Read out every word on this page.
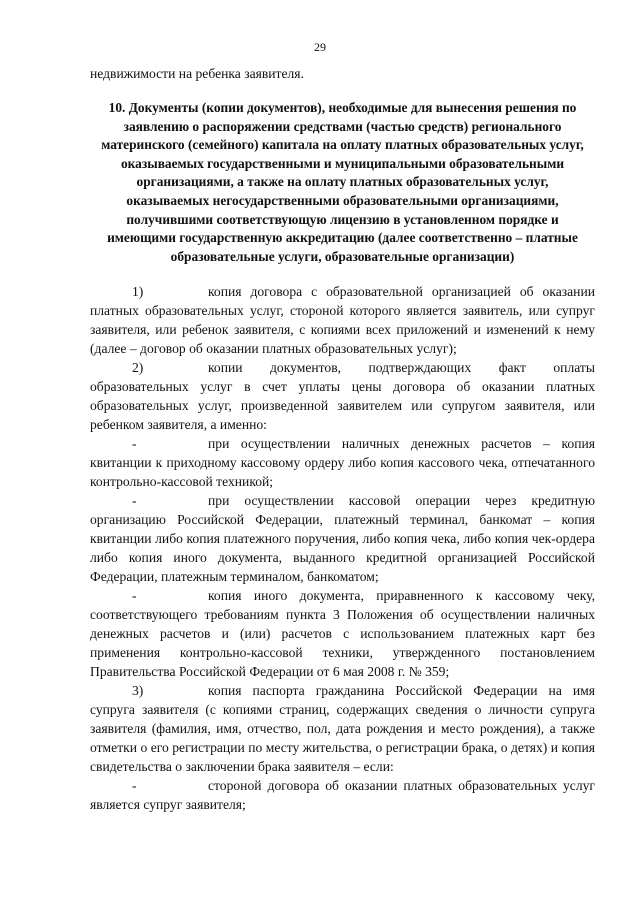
29
недвижимости на ребенка заявителя.
10. Документы (копии документов), необходимые для вынесения решения по заявлению о распоряжении средствами (частью средств) регионального материнского (семейного) капитала на оплату платных образовательных услуг, оказываемых государственными и муниципальными образовательными организациями, а также на оплату платных образовательных услуг, оказываемых негосударственными образовательными организациями, получившими соответствующую лицензию в установленном порядке и имеющими государственную аккредитацию (далее соответственно – платные образовательные услуги, образовательные организации)

1)	копия договора с образовательной организацией об оказании платных образовательных услуг, стороной которого является заявитель, или супруг заявителя, или ребенок заявителя, с копиями всех приложений и изменений к нему (далее – договор об оказании платных образовательных услуг);

2)	копии документов, подтверждающих факт оплаты образовательных услуг в счет уплаты цены договора об оказании платных образовательных услуг, произведенной заявителем или супругом заявителя, или ребенком заявителя, а именно:

-	при осуществлении наличных денежных расчетов – копия квитанции к приходному кассовому ордеру либо копия кассового чека, отпечатанного контрольно-кассовой техникой;

-	при осуществлении кассовой операции через кредитную организацию Российской Федерации, платежный терминал, банкомат – копия квитанции либо копия платежного поручения, либо копия чека, либо копия чек-ордера либо копия иного документа, выданного кредитной организацией Российской Федерации, платежным терминалом, банкоматом;

-	копия иного документа, приравненного к кассовому чеку, соответствующего требованиям пункта 3 Положения об осуществлении наличных денежных расчетов и (или) расчетов с использованием платежных карт без применения контрольно-кассовой техники, утвержденного постановлением Правительства Российской Федерации от 6 мая 2008 г. № 359;

3)	копия паспорта гражданина Российской Федерации на имя супруга заявителя (с копиями страниц, содержащих сведения о личности супруга заявителя (фамилия, имя, отчество, пол, дата рождения и место рождения), а также отметки о его регистрации по месту жительства, о регистрации брака, о детях) и копия свидетельства о заключении брака заявителя – если:

-	стороной договора об оказании платных образовательных услуг является супруг заявителя;
